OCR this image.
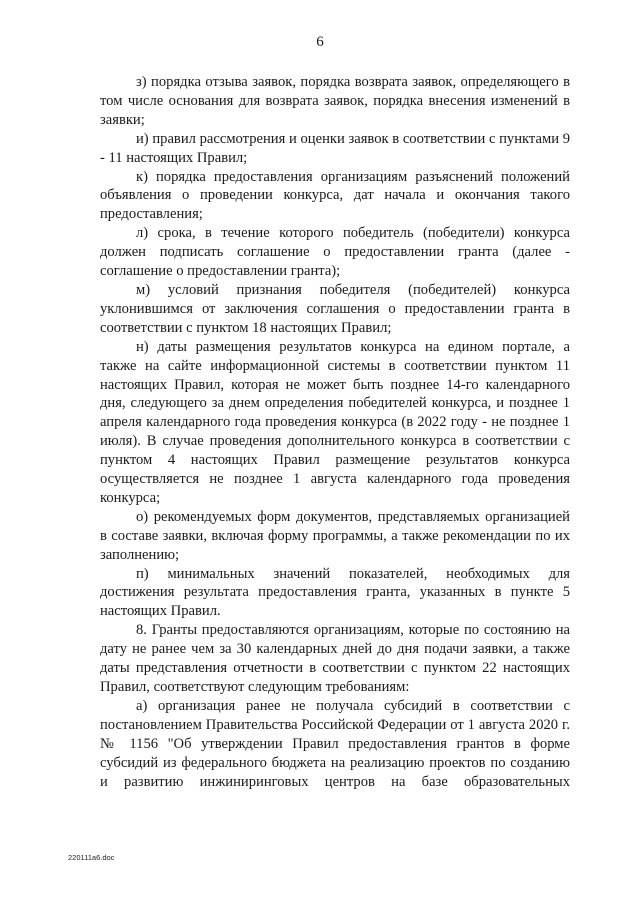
6

з) порядка отзыва заявок, порядка возврата заявок, определяющего в том числе основания для возврата заявок, порядка внесения изменений в заявки;

и) правил рассмотрения и оценки заявок в соответствии с пунктами 9 - 11 настоящих Правил;

к) порядка предоставления организациям разъяснений положений объявления о проведении конкурса, дат начала и окончания такого предоставления;

л) срока, в течение которого победитель (победители) конкурса должен подписать соглашение о предоставлении гранта (далее - соглашение о предоставлении гранта);

м) условий признания победителя (победителей) конкурса уклонившимся от заключения соглашения о предоставлении гранта в соответствии с пунктом 18 настоящих Правил;

н) даты размещения результатов конкурса на едином портале, а также на сайте информационной системы в соответствии пунктом 11 настоящих Правил, которая не может быть позднее 14-го календарного дня, следующего за днем определения победителей конкурса, и позднее 1 апреля календарного года проведения конкурса (в 2022 году - не позднее 1 июля). В случае проведения дополнительного конкурса в соответствии с пунктом 4 настоящих Правил размещение результатов конкурса осуществляется не позднее 1 августа календарного года проведения конкурса;

о) рекомендуемых форм документов, представляемых организацией в составе заявки, включая форму программы, а также рекомендации по их заполнению;

п) минимальных значений показателей, необходимых для достижения результата предоставления гранта, указанных в пункте 5 настоящих Правил.

8. Гранты предоставляются организациям, которые по состоянию на дату не ранее чем за 30 календарных дней до дня подачи заявки, а также даты представления отчетности в соответствии с пунктом 22 настоящих Правил, соответствуют следующим требованиям:

а) организация ранее не получала субсидий в соответствии с постановлением Правительства Российской Федерации от 1 августа 2020 г. № 1156 "Об утверждении Правил предоставления грантов в форме субсидий из федерального бюджета на реализацию проектов по созданию и развитию инжиниринговых центров на базе образовательных

220111a6.doc
